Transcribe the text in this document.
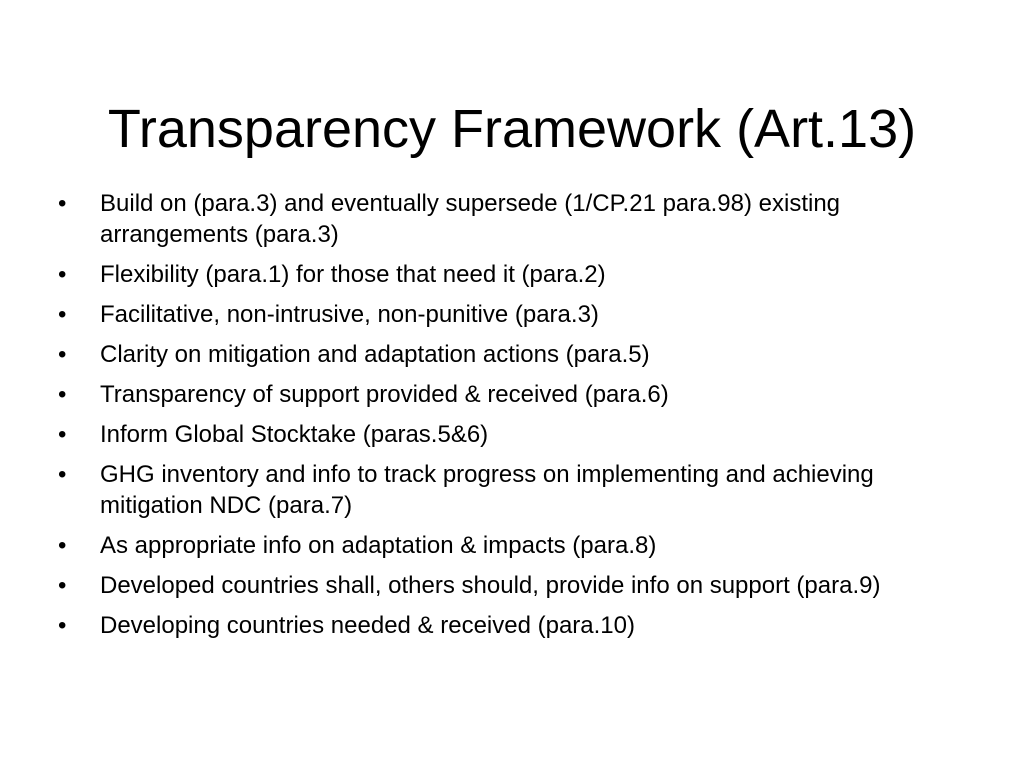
Transparency Framework (Art.13)
• Build on (para.3) and eventually supersede (1/CP.21 para.98) existing arrangements (para.3)
• Flexibility (para.1) for those that need it (para.2)
• Facilitative, non-intrusive, non-punitive (para.3)
• Clarity on mitigation and adaptation actions (para.5)
• Transparency of support provided & received (para.6)
• Inform Global Stocktake (paras.5&6)
• GHG inventory and info to track progress on implementing and achieving mitigation NDC (para.7)
• As appropriate info on adaptation & impacts (para.8)
• Developed countries shall, others should, provide info on support (para.9)
• Developing countries needed & received (para.10)
